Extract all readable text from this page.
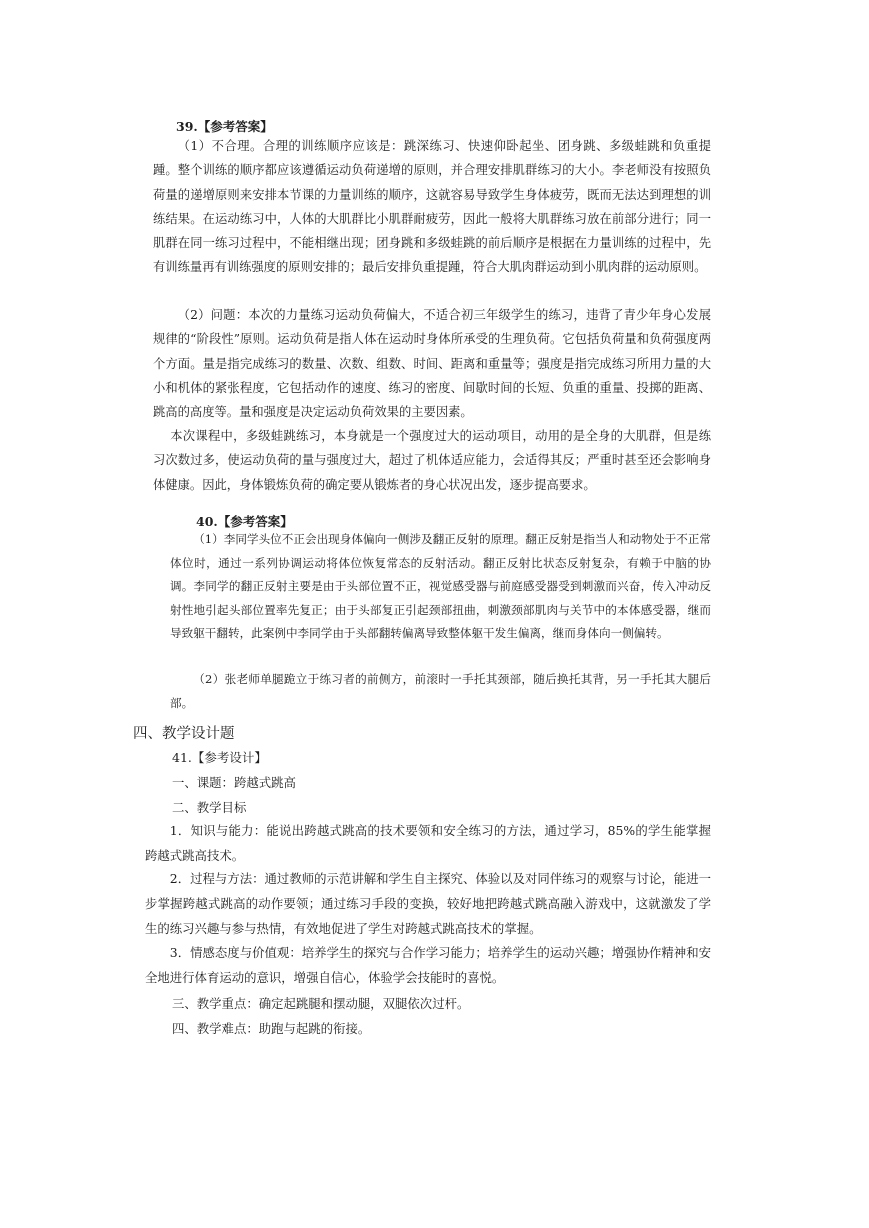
39.【参考答案】
（1）不合理。合理的训练顺序应该是：跳深练习、快速仰卧起坐、团身跳、多级蛙跳和负重提踵。整个训练的顺序都应该遵循运动负荷递增的原则，并合理安排肌群练习的大小。李老师没有按照负荷量的递增原则来安排本节课的力量训练的顺序，这就容易导致学生身体疲劳，既而无法达到理想的训练结果。在运动练习中，人体的大肌群比小肌群耐疲劳，因此一般将大肌群练习放在前部分进行；同一肌群在同一练习过程中，不能相继出现；团身跳和多级蛙跳的前后顺序是根据在力量训练的过程中，先有训练量再有训练强度的原则安排的；最后安排负重提踵，符合大肌肉群运动到小肌肉群的运动原则。
（2）问题：本次的力量练习运动负荷偏大，不适合初三年级学生的练习，违背了青少年身心发展规律的“阶段性”原则。运动负荷是指人体在运动时身体所承受的生理负荷。它包括负荷量和负荷强度两个方面。量是指完成练习的数量、次数、组数、时间、距离和重量等；强度是指完成练习所用力量的大小和机体的紧张程度，它包括动作的速度、练习的密度、间歇时间的长短、负重的重量、投掷的距离、跳高的高度等。量和强度是决定运动负荷效果的主要因素。
本次课程中，多级蛙跳练习，本身就是一个强度过大的运动项目，动用的是全身的大肌群，但是练习次数过多，使运动负荷的量与强度过大，超过了机体适应能力，会适得其反；严重时甚至还会影响身体健康。因此，身体锻炼负荷的确定要从锻炼者的身心状况出发，逐步提高要求。
40.【参考答案】
（1）李同学头位不正会出现身体偏向一侧涉及翻正反射的原理。翻正反射是指当人和动物处于不正常体位时，通过一系列协调运动将体位恢复常态的反射活动。翻正反射比状态反射复杂，有赖于中脑的协调。李同学的翻正反射主要是由于头部位置不正，视觉感受器与前庭感受器受到刺激而兴奋，传入冲动反射性地引起头部位置率先复正；由于头部复正引起颈部扭曲，刺激颈部肌肉与关节中的本体感受器，继而导致躯干翻转，此案例中李同学由于头部翻转偏离导致整体躯干发生偏离，继而身体向一侧偏转。
（2）张老师单腿跪立于练习者的前侧方，前滚时一手托其颈部，随后换托其背，另一手托其大腿后部。
四、教学设计题
41.【参考设计】
一、课题：跨越式跳高
二、教学目标
1．知识与能力：能说出跨越式跳高的技术要领和安全练习的方法，通过学习，85%的学生能掌握跨越式跳高技术。
2．过程与方法：通过教师的示范讲解和学生自主探究、体验以及对同伴练习的观察与讨论，能进一步掌握跨越式跳高的动作要领；通过练习手段的变换，较好地把跨越式跳高融入游戏中，这就激发了学生的练习兴趣与参与热情，有效地促进了学生对跨越式跳高技术的掌握。
3．情感态度与价值观：培养学生的探究与合作学习能力；培养学生的运动兴趣；增强协作精神和安全地进行体育运动的意识，增强自信心，体验学会技能时的喜悦。
三、教学重点：确定起跳腿和摆动腿，双腿依次过杆。
四、教学难点：助跑与起跳的衔接。
